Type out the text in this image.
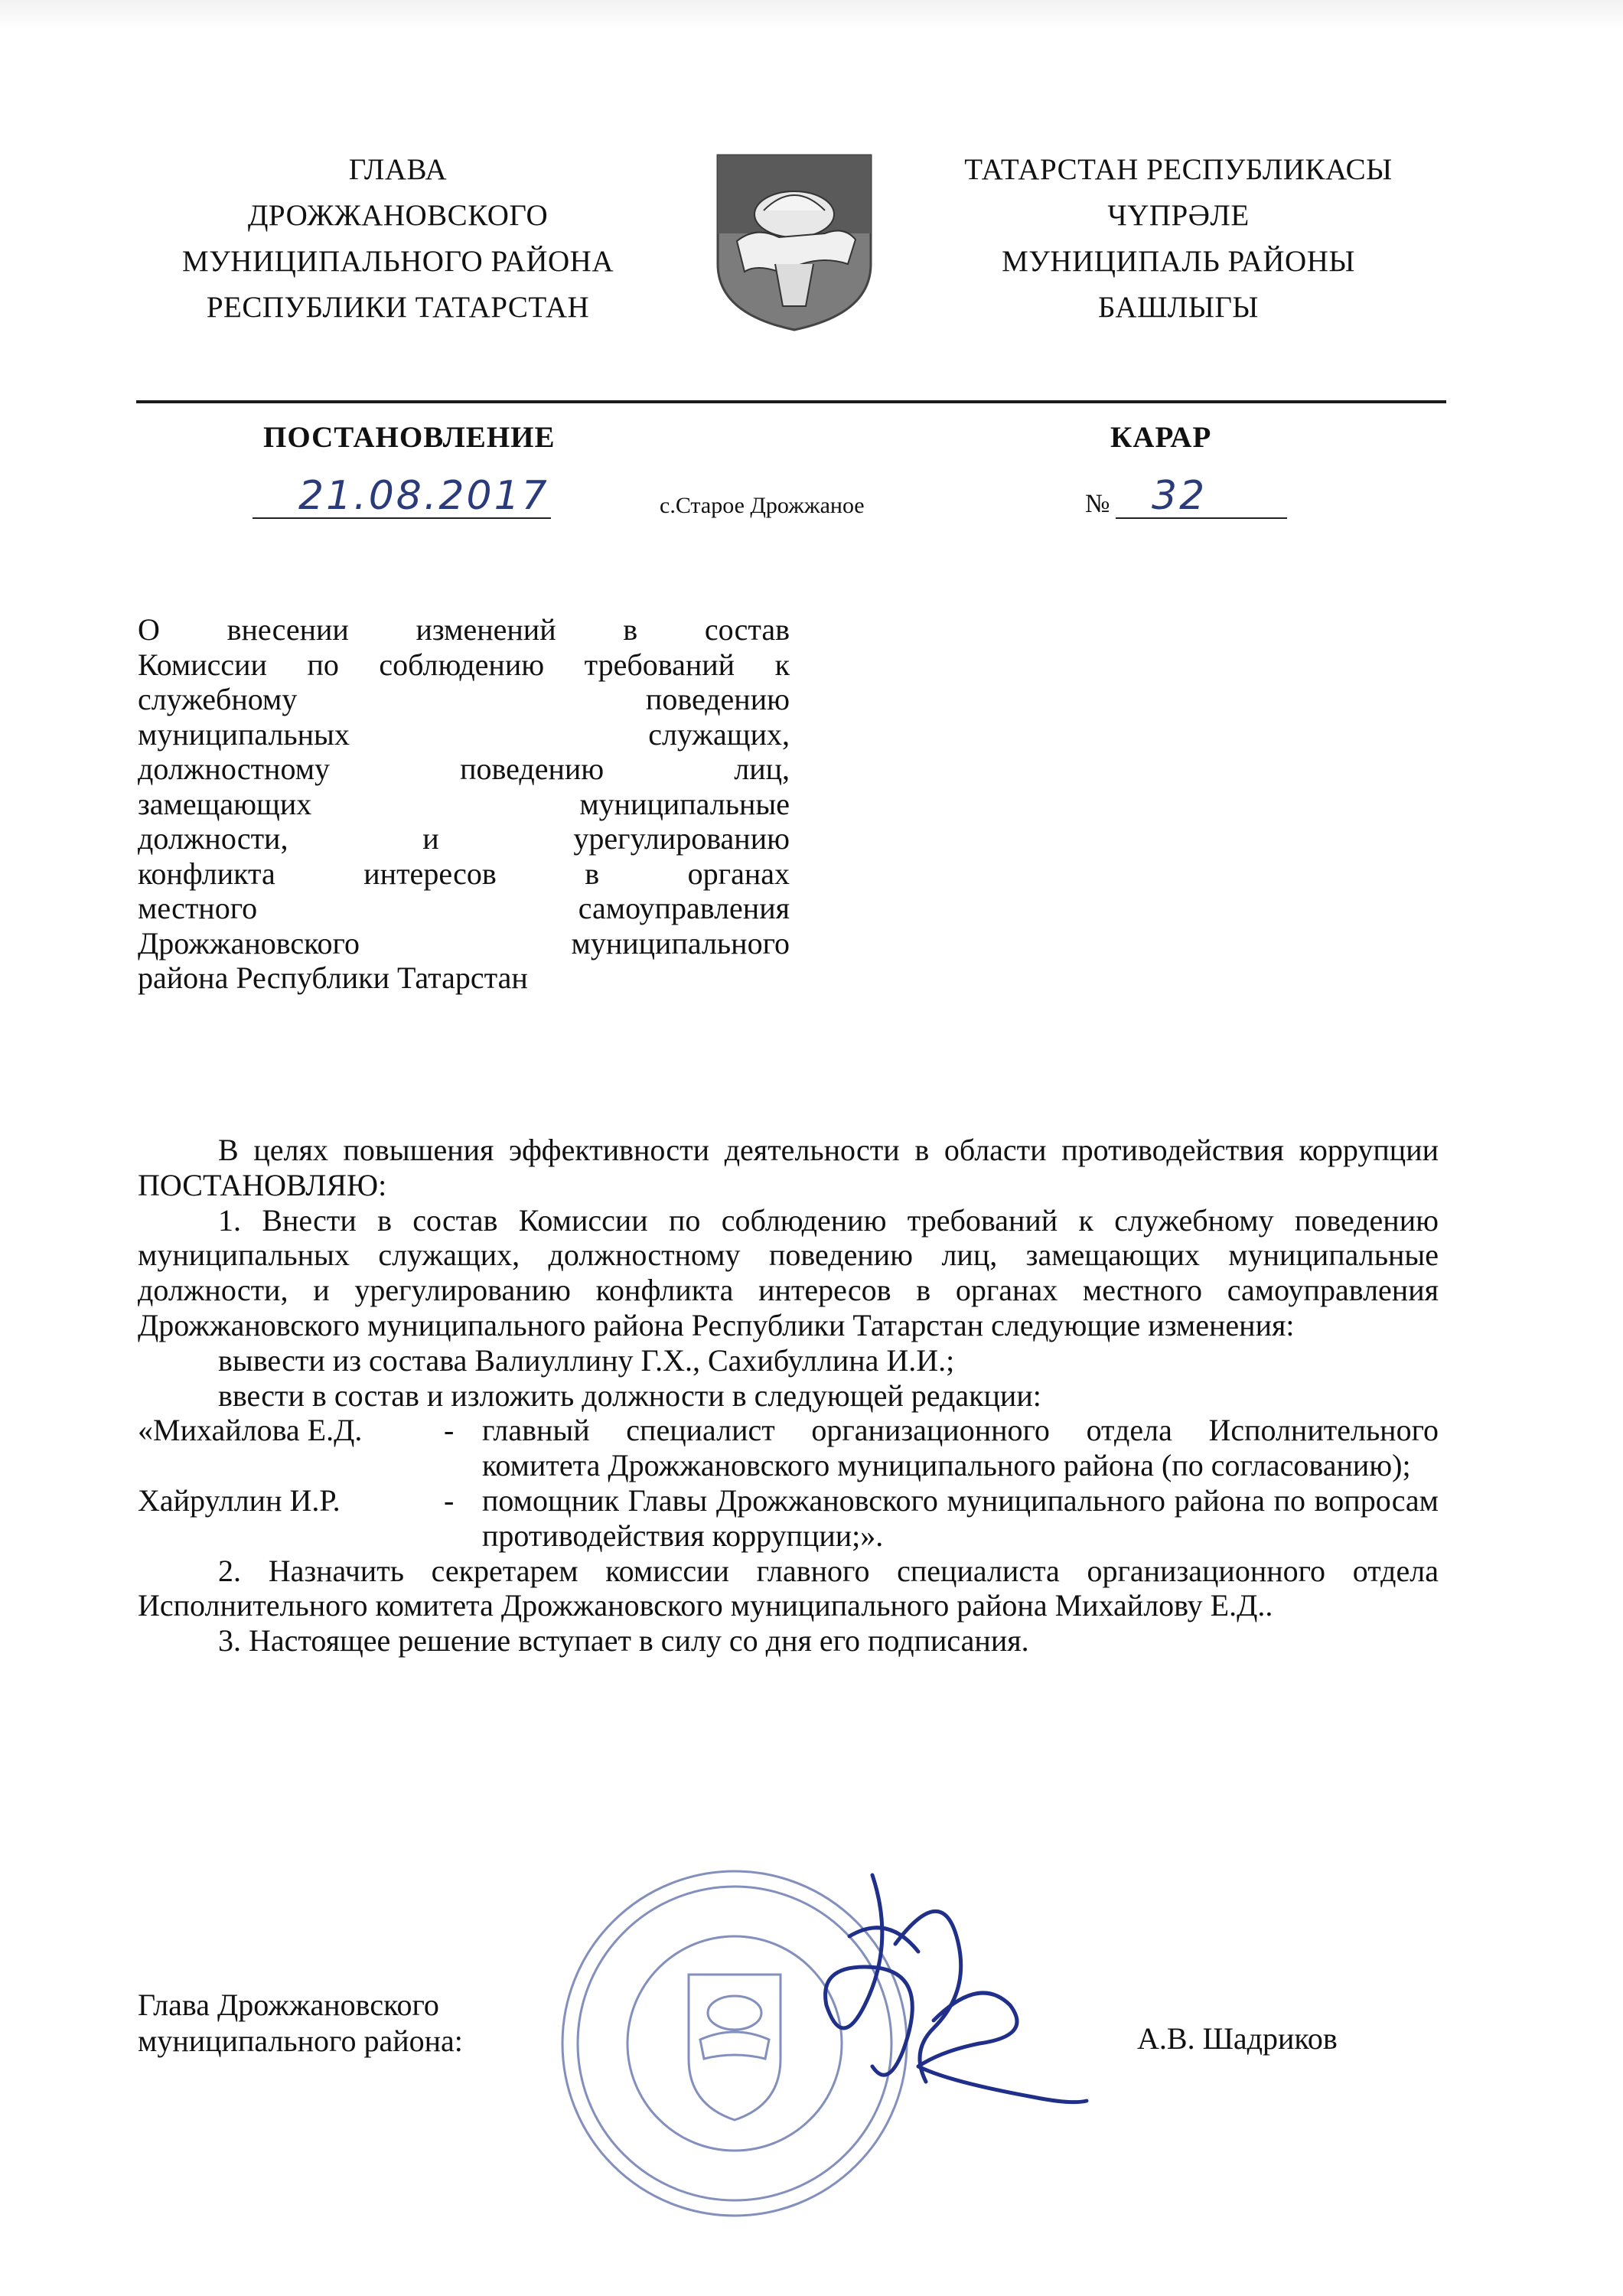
ГЛАВА
ДРОЖЖАНОВСКОГО
МУНИЦИПАЛЬНОГО РАЙОНА
РЕСПУБЛИКИ ТАТАРСТАН
ТАТАРСТАН РЕСПУБЛИКАСЫ
ЧҮПРӘЛЕ
МУНИЦИПАЛЬ РАЙОНЫ
БАШЛЫГЫ
ПОСТАНОВЛЕНИЕ	КАРАР
21.08.2017	с.Старое Дрожжаное	№ 32
О внесении изменений в состав
Комиссии по соблюдению требований к
служебному поведению
муниципальных служащих,
должностному поведению лиц,
замещающих муниципальные
должности, и урегулированию
конфликта интересов в органах
местного самоуправления
Дрожжановского муниципального
района Республики Татарстан
В целях повышения эффективности деятельности в области противодействия коррупции ПОСТАНОВЛЯЮ:
1. Внести в состав Комиссии по соблюдению требований к служебному поведению муниципальных служащих, должностному поведению лиц, замещающих муниципальные должности, и урегулированию конфликта интересов в органах местного самоуправления Дрожжановского муниципального района Республики Татарстан следующие изменения:
вывести из состава Валиуллину Г.Х., Сахибуллина И.И.;
ввести в состав и изложить должности в следующей редакции:
«Михайлова Е.Д.	-	главный специалист организационного отдела Исполнительного комитета Дрожжановского муниципального района (по согласованию);
Хайруллин И.Р.	-	помощник Главы Дрожжановского муниципального района по вопросам противодействия коррупции;».
2. Назначить секретарем комиссии главного специалиста организационного отдела Исполнительного комитета Дрожжановского муниципального района Михайлову Е.Д..
3. Настоящее решение вступает в силу со дня его подписания.
Глава Дрожжановского
муниципального района:	А.В. Шадриков
